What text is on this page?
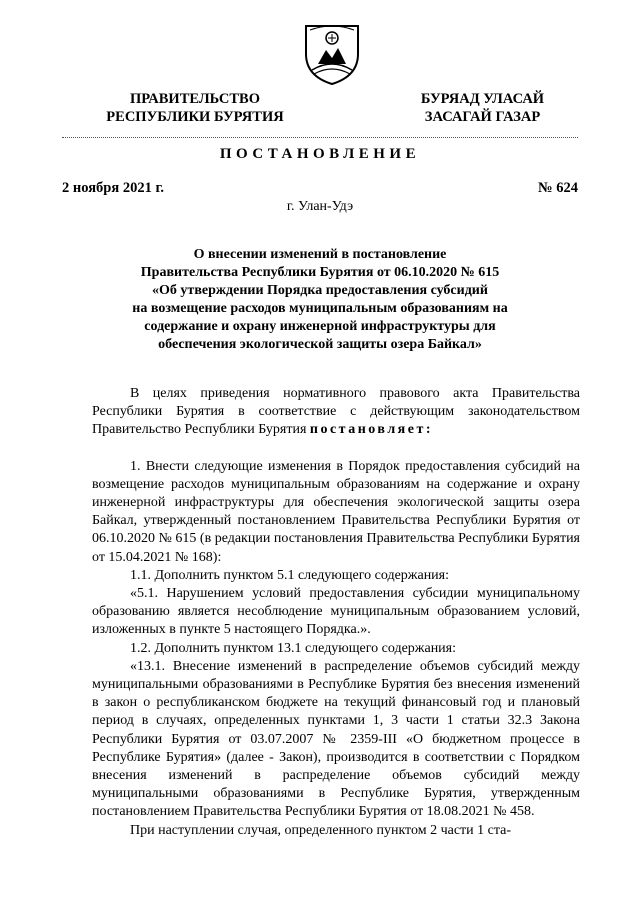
ПРАВИТЕЛЬСТВО
РЕСПУБЛИКИ БУРЯТИЯ
БУРЯАД УЛАСАЙ
ЗАСАГАЙ ГАЗАР
ПОСТАНОВЛЕНИЕ
2 ноября 2021 г.	№ 624
г. Улан-Удэ
О внесении изменений в постановление
Правительства Республики Бурятия от 06.10.2020 № 615
«Об утверждении Порядка предоставления субсидий
на возмещение расходов муниципальным образованиям на
содержание и охрану инженерной инфраструктуры для
обеспечения экологической защиты озера Байкал»

В целях приведения нормативного правового акта Правительства Республики Бурятия в соответствие с действующим законодательством Правительство Республики Бурятия постановляет:

1. Внести следующие изменения в Порядок предоставления субсидий на возмещение расходов муниципальным образованиям на содержание и охрану инженерной инфраструктуры для обеспечения экологической защиты озера Байкал, утвержденный постановлением Правительства Республики Бурятия от 06.10.2020 № 615 (в редакции постановления Правительства Республики Бурятия от 15.04.2021 № 168):

1.1. Дополнить пунктом 5.1 следующего содержания:

«5.1. Нарушением условий предоставления субсидии муниципальному образованию является несоблюдение муниципальным образованием условий, изложенных в пункте 5 настоящего Порядка.».

1.2. Дополнить пунктом 13.1 следующего содержания:

«13.1. Внесение изменений в распределение объемов субсидий между муниципальными образованиями в Республике Бурятия без внесения изменений в закон о республиканском бюджете на текущий финансовый год и плановый период в случаях, определенных пунктами 1, 3 части 1 статьи 32.3 Закона Республики Бурятия от 03.07.2007 № 2359-III «О бюджетном процессе в Республике Бурятия» (далее - Закон), производится в соответствии с Порядком внесения изменений в распределение объемов субсидий между муниципальными образованиями в Республике Бурятия, утвержденным постановлением Правительства Республики Бурятия от 18.08.2021 № 458.

При наступлении случая, определенного пунктом 2 части 1 ста-
